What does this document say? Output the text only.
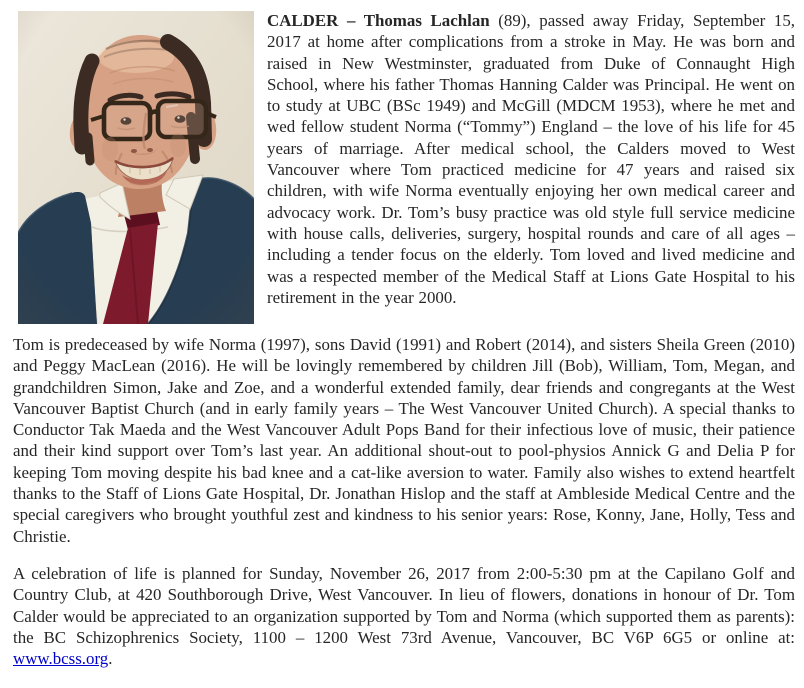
CALDER – Thomas Lachlan (89), passed away Friday, September 15, 2017 at home after complications from a stroke in May. He was born and raised in New Westminster, graduated from Duke of Connaught High School, where his father Thomas Hanning Calder was Principal. He went on to study at UBC (BSc 1949) and McGill (MDCM 1953), where he met and wed fellow student Norma (“Tommy”) England – the love of his life for 45 years of marriage. After medical school, the Calders moved to West Vancouver where Tom practiced medicine for 47 years and raised six children, with wife Norma eventually enjoying her own medical career and advocacy work. Dr. Tom’s busy practice was old style full service medicine with house calls, deliveries, surgery, hospital rounds and care of all ages – including a tender focus on the elderly. Tom loved and lived medicine and was a respected member of the Medical Staff at Lions Gate Hospital to his retirement in the year 2000.

Tom is predeceased by wife Norma (1997), sons David (1991) and Robert (2014), and sisters Sheila Green (2010) and Peggy MacLean (2016). He will be lovingly remembered by children Jill (Bob), William, Tom, Megan, and grandchildren Simon, Jake and Zoe, and a wonderful extended family, dear friends and congregants at the West Vancouver Baptist Church (and in early family years – The West Vancouver United Church). A special thanks to Conductor Tak Maeda and the West Vancouver Adult Pops Band for their infectious love of music, their patience and their kind support over Tom’s last year. An additional shout-out to pool-physios Annick G and Delia P for keeping Tom moving despite his bad knee and a cat-like aversion to water. Family also wishes to extend heartfelt thanks to the Staff of Lions Gate Hospital, Dr. Jonathan Hislop and the staff at Ambleside Medical Centre and the special caregivers who brought youthful zest and kindness to his senior years: Rose, Konny, Jane, Holly, Tess and Christie.

A celebration of life is planned for Sunday, November 26, 2017 from 2:00-5:30 pm at the Capilano Golf and Country Club, at 420 Southborough Drive, West Vancouver. In lieu of flowers, donations in honour of Dr. Tom Calder would be appreciated to an organization supported by Tom and Norma (which supported them as parents): the BC Schizophrenics Society, 1100 – 1200 West 73rd Avenue, Vancouver, BC V6P 6G5 or online at: www.bcss.org.
